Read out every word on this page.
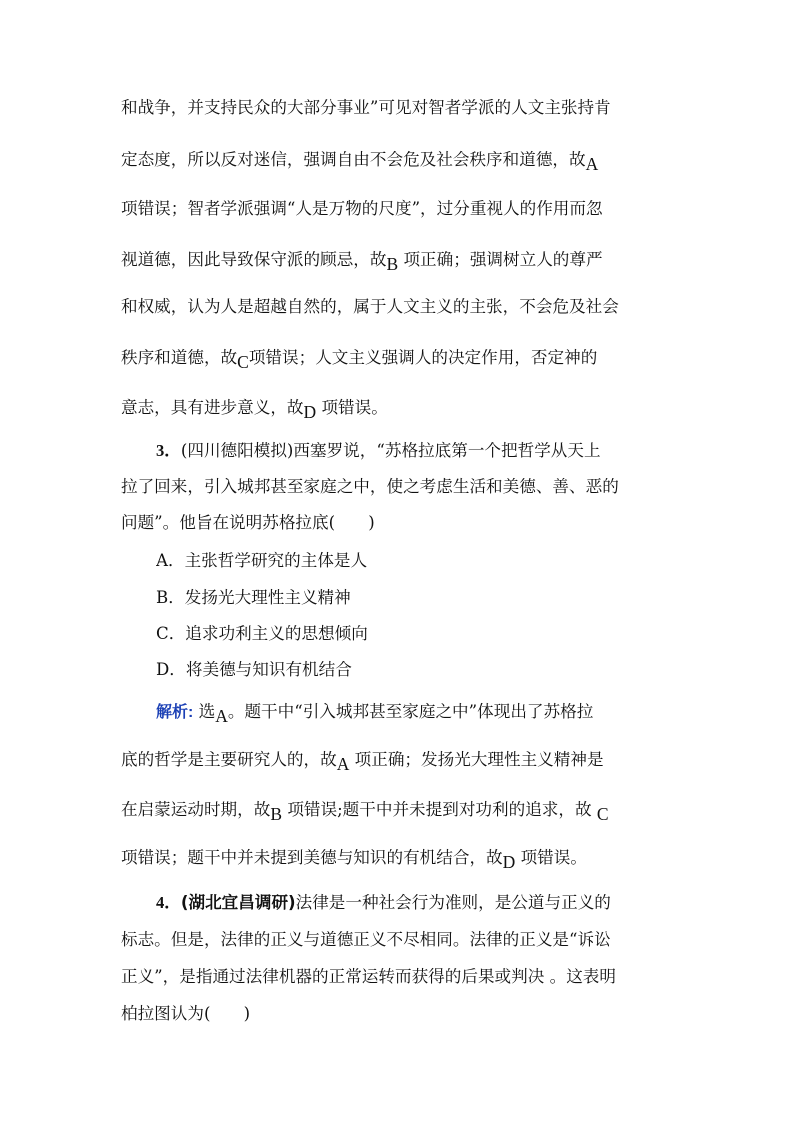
和战争，并支持民众的大部分事业”可见对智者学派的人文主张持肯
定态度，所以反对迷信，强调自由不会危及社会秩序和道德，故A
项错误；智者学派强调“人是万物的尺度”，过分重视人的作用而忽
视道德，因此导致保守派的顾忌，故B 项正确；强调树立人的尊严
和权威，认为人是超越自然的，属于人文主义的主张，不会危及社会
秩序和道德，故C项错误；人文主义强调人的决定作用，否定神的
意志，具有进步意义，故D 项错误。
3．(四川德阳模拟)西塞罗说，“苏格拉底第一个把哲学从天上
拉了回来，引入城邦甚至家庭之中，使之考虑生活和美德、善、恶的
问题”。他旨在说明苏格拉底(　　)
A．主张哲学研究的主体是人
B．发扬光大理性主义精神
C．追求功利主义的思想倾向
D．将美德与知识有机结合
解析: 选A。题干中“引入城邦甚至家庭之中”体现出了苏格拉
底的哲学是主要研究人的，故A 项正确；发扬光大理性主义精神是
在启蒙运动时期，故B 项错误;题干中并未提到对功利的追求，故 C
项错误；题干中并未提到美德与知识的有机结合，故D 项错误。
4．(湖北宜昌调研)法律是一种社会行为准则，是公道与正义的
标志。但是，法律的正义与道德正义不尽相同。法律的正义是“诉讼
正义”，是指通过法律机器的正常运转而获得的后果或判决 。这表明
柏拉图认为(　　)
